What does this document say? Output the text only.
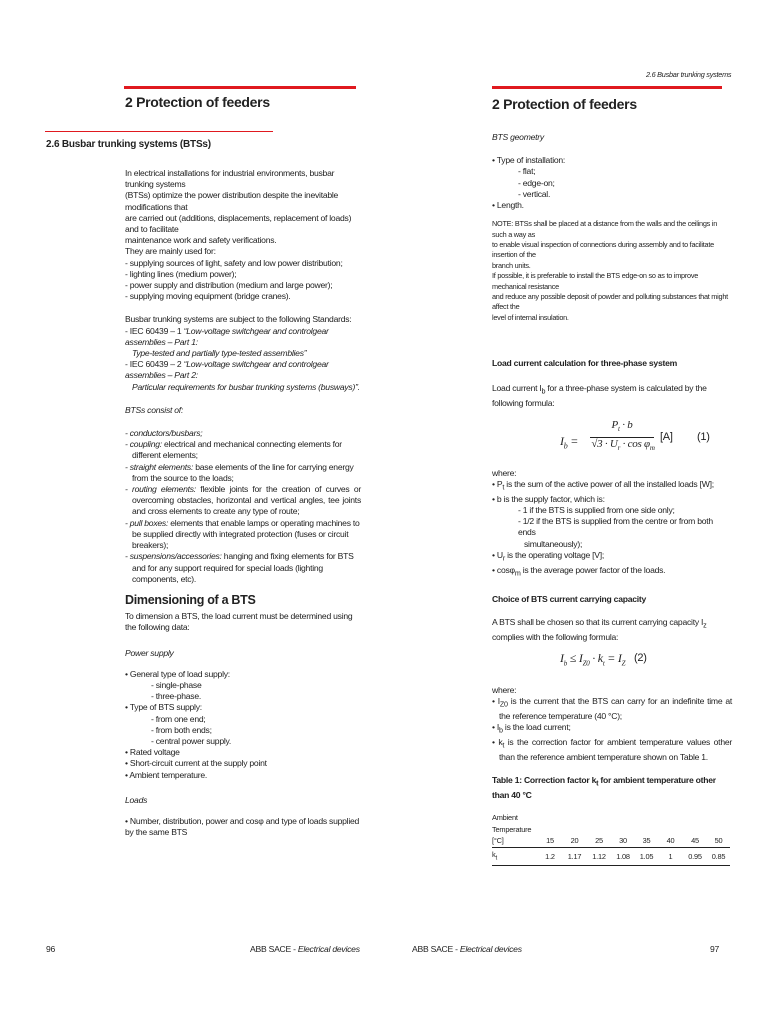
2 Protection of feeders
2.6 Busbar trunking systems (BTSs)

In electrical installations for industrial environments, busbar trunking systems

(BTSs) optimize the power distribution despite the inevitable modifications that

are carried out (additions, displacements, replacement of loads) and to facilitate

maintenance work and safety verifications.

They are mainly used for:

- supplying sources of light, safety and low power distribution;

- lighting lines (medium power);

- power supply and distribution (medium and large power);

- supplying moving equipment (bridge cranes).

Busbar trunking systems are subject to the following Standards:

- IEC 60439 – 1 “Low-voltage switchgear and controlgear assemblies – Part 1:

Type-tested and partially type-tested assemblies”

- IEC 60439 – 2 “Low-voltage switchgear and controlgear assemblies – Part 2:

Particular requirements for busbar trunking systems (busways)”.

BTSs consist of:

- conductors/busbars;

- coupling: electrical and mechanical connecting elements for different elements;

- straight elements: base elements of the line for carrying energy from the source to the loads;

- routing elements: flexible joints for the creation of curves or overcoming obstacles, horizontal and vertical angles, tee joints and cross elements to create any type of route;

- pull boxes: elements that enable lamps or operating machines to be supplied directly with integrated protection (fuses or circuit breakers);

- suspensions/accessories: hanging and fixing elements for BTS and for any support required for special loads (lighting components, etc).

Dimensioning of a BTS

To dimension a BTS, the load current must be determined using the following data:

Power supply

• General type of load supply:

- single-phase

- three-phase.

• Type of BTS supply:

- from one end;

- from both ends;

- central power supply.

• Rated voltage

• Short-circuit current at the supply point

• Ambient temperature.

Loads

• Number, distribution, power and cosφ and type of loads supplied by the same BTS

96	ABB SACE - Electrical devices
2.6 Busbar trunking systems
2 Protection of feeders

BTS geometry

• Type of installation:

- flat;

- edge-on;

- vertical.

• Length.

NOTE: BTSs shall be placed at a distance from the walls and the ceilings in such a way as

to enable visual inspection of connections during assembly and to facilitate insertion of the

branch units.

If possible, it is preferable to install the BTS edge-on so as to improve mechanical resistance

and reduce any possible deposit of powder and polluting substances that might affect the

level of internal insulation.

Load current calculation for three-phase system

Load current $I_b$ for a three-phase system is calculated by the following formula:

$I_b$ =
$P_t \cdot b$
$√3 \cdot U_r \cdot \cos \varphi_m$
[A] (1)

where:

• $P_t$ is the sum of the active power of all the installed loads [W];

• b is the supply factor, which is:

- 1 if the BTS is supplied from one side only;

- 1/2 if the BTS is supplied from the centre or from both ends

simultaneously);

• $U_r$ is the operating voltage [V];

• cosφ$_m$ is the average power factor of the loads.

Choice of BTS current carrying capacity

A BTS shall be chosen so that its current carrying capacity $I_z$ complies with the following formula:

$I_b \le I_{Z0} \cdot k_t = I_Z$ (2)

where:

• $I_{Z0}$ is the current that the BTS can carry for an indefinite time at the reference temperature (40 °C);

• $I_b$ is the load current;

• $k_t$ is the correction factor for ambient temperature values other than the reference ambient temperature shown on Table 1.

Table 1: Correction factor $k_t$ for ambient temperature other than 40 °C

Ambient
Temperature [°C]	15	20	25	30	35	40	45	50
$k_t$	1.2	1.17	1.12	1.08	1.05	1	0.95	0.85
ABB SACE - Electrical devices	97
